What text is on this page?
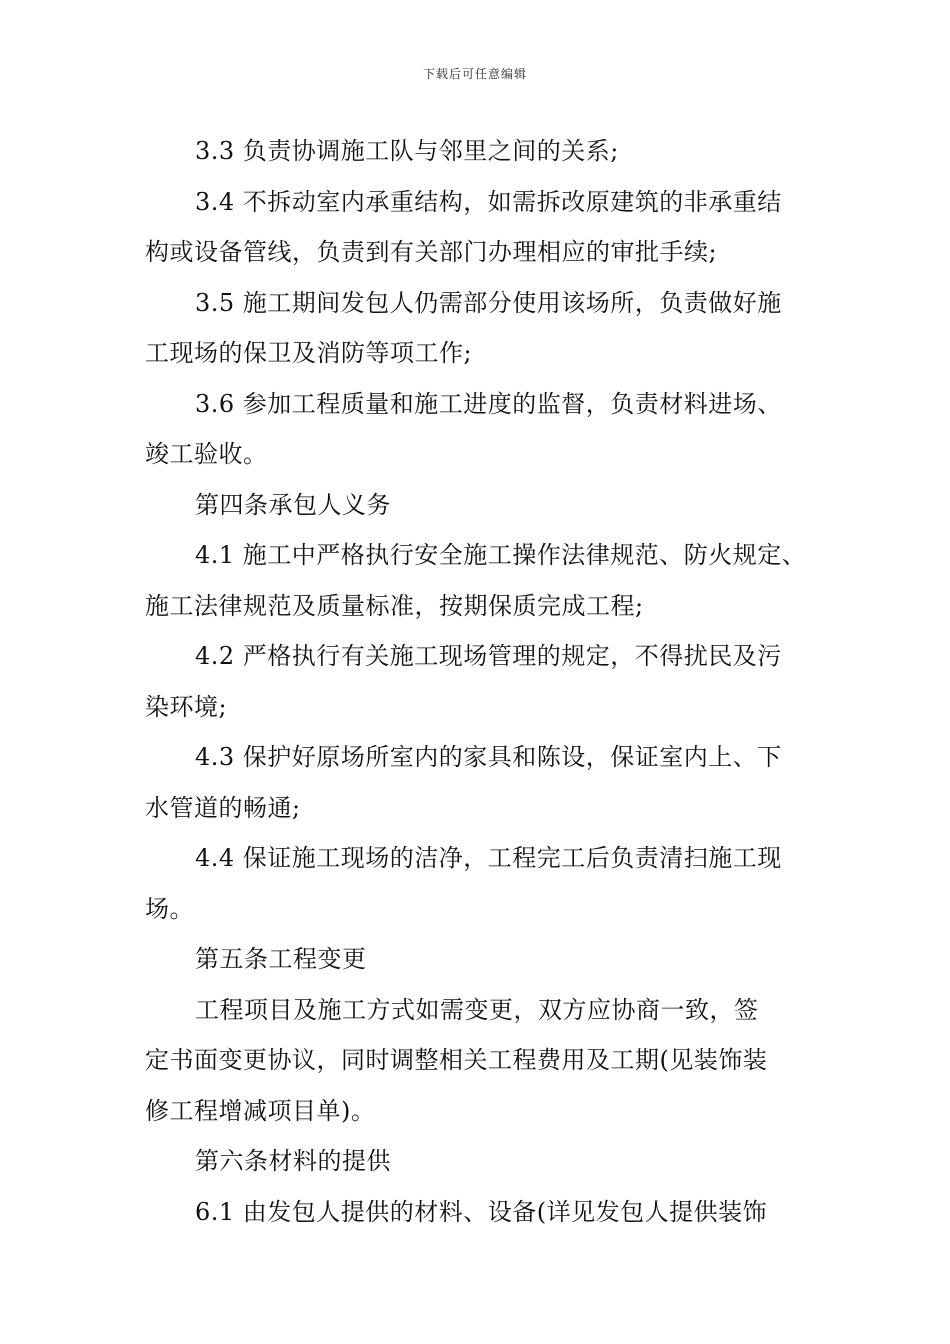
下载后可任意编辑

3.3 负责协调施工队与邻里之间的关系;

3.4 不拆动室内承重结构，如需拆改原建筑的非承重结
构或设备管线，负责到有关部门办理相应的审批手续;

3.5 施工期间发包人仍需部分使用该场所，负责做好施
工现场的保卫及消防等项工作;

3.6 参加工程质量和施工进度的监督，负责材料进场、
竣工验收。

第四条承包人义务

4.1 施工中严格执行安全施工操作法律规范、防火规定、
施工法律规范及质量标准，按期保质完成工程;

4.2 严格执行有关施工现场管理的规定，不得扰民及污
染环境;

4.3 保护好原场所室内的家具和陈设，保证室内上、下
水管道的畅通;

4.4 保证施工现场的洁净，工程完工后负责清扫施工现
场。

第五条工程变更

工程项目及施工方式如需变更，双方应协商一致，签
定书面变更协议，同时调整相关工程费用及工期(见装饰装
修工程增减项目单)。

第六条材料的提供

6.1 由发包人提供的材料、设备(详见发包人提供装饰
